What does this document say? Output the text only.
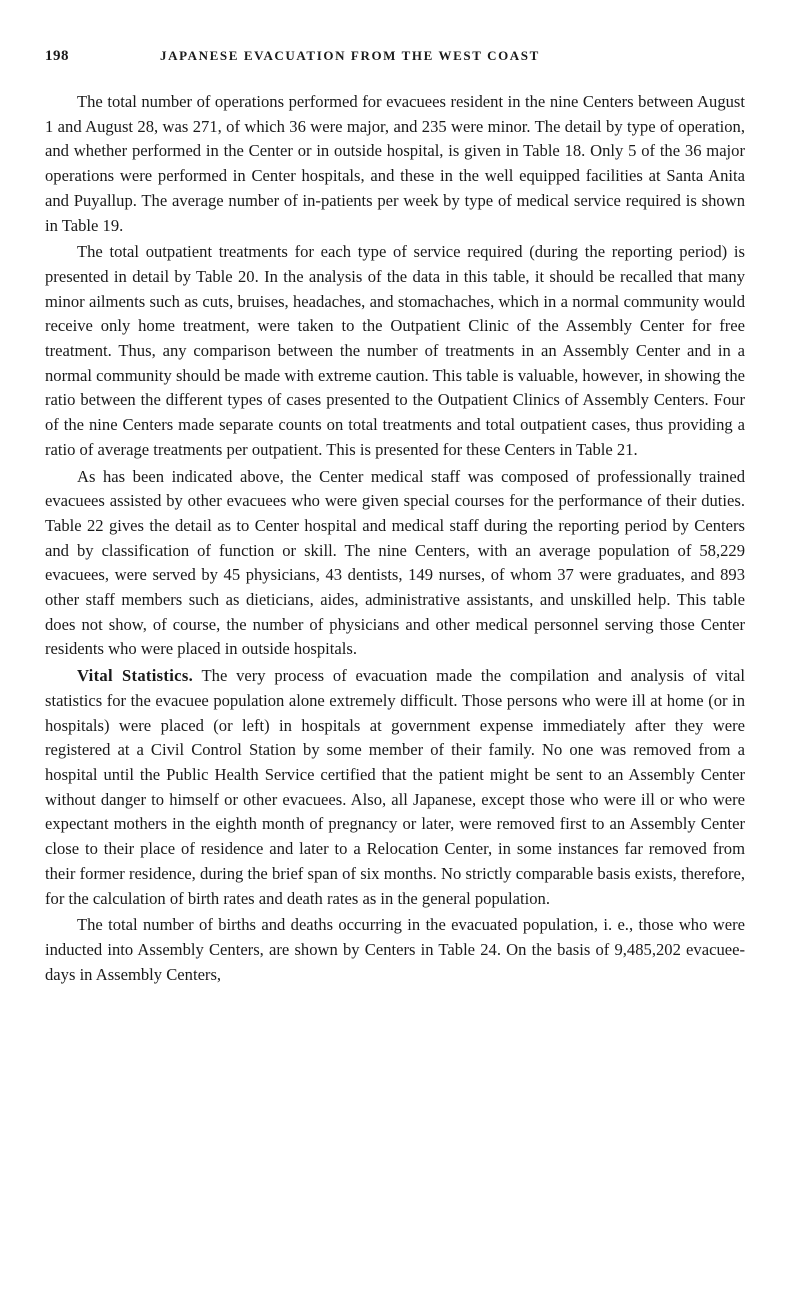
198	JAPANESE EVACUATION FROM THE WEST COAST

The total number of operations performed for evacuees resident in the nine Centers between August 1 and August 28, was 271, of which 36 were major, and 235 were minor. The detail by type of operation, and whether performed in the Center or in outside hospital, is given in Table 18. Only 5 of the 36 major operations were performed in Center hospitals, and these in the well equipped facilities at Santa Anita and Puyallup. The average number of in-patients per week by type of medical service required is shown in Table 19.

The total outpatient treatments for each type of service required (during the reporting period) is presented in detail by Table 20. In the analysis of the data in this table, it should be recalled that many minor ailments such as cuts, bruises, headaches, and stomachaches, which in a normal community would receive only home treatment, were taken to the Outpatient Clinic of the Assembly Center for free treatment. Thus, any comparison between the number of treatments in an Assembly Center and in a normal community should be made with extreme caution. This table is valuable, however, in showing the ratio between the different types of cases presented to the Outpatient Clinics of Assembly Centers. Four of the nine Centers made separate counts on total treatments and total outpatient cases, thus providing a ratio of average treatments per outpatient. This is presented for these Centers in Table 21.

As has been indicated above, the Center medical staff was composed of professionally trained evacuees assisted by other evacuees who were given special courses for the performance of their duties. Table 22 gives the detail as to Center hospital and medical staff during the reporting period by Centers and by classification of function or skill. The nine Centers, with an average population of 58,229 evacuees, were served by 45 physicians, 43 dentists, 149 nurses, of whom 37 were graduates, and 893 other staff members such as dieticians, aides, administrative assistants, and unskilled help. This table does not show, of course, the number of physicians and other medical personnel serving those Center residents who were placed in outside hospitals.

Vital Statistics. The very process of evacuation made the compilation and analysis of vital statistics for the evacuee population alone extremely difficult. Those persons who were ill at home (or in hospitals) were placed (or left) in hospitals at government expense immediately after they were registered at a Civil Control Station by some member of their family. No one was removed from a hospital until the Public Health Service certified that the patient might be sent to an Assembly Center without danger to himself or other evacuees. Also, all Japanese, except those who were ill or who were expectant mothers in the eighth month of pregnancy or later, were removed first to an Assembly Center close to their place of residence and later to a Relocation Center, in some instances far removed from their former residence, during the brief span of six months. No strictly comparable basis exists, therefore, for the calculation of birth rates and death rates as in the general population.

The total number of births and deaths occurring in the evacuated population, i. e., those who were inducted into Assembly Centers, are shown by Centers in Table 24. On the basis of 9,485,202 evacuee-days in Assembly Centers,
